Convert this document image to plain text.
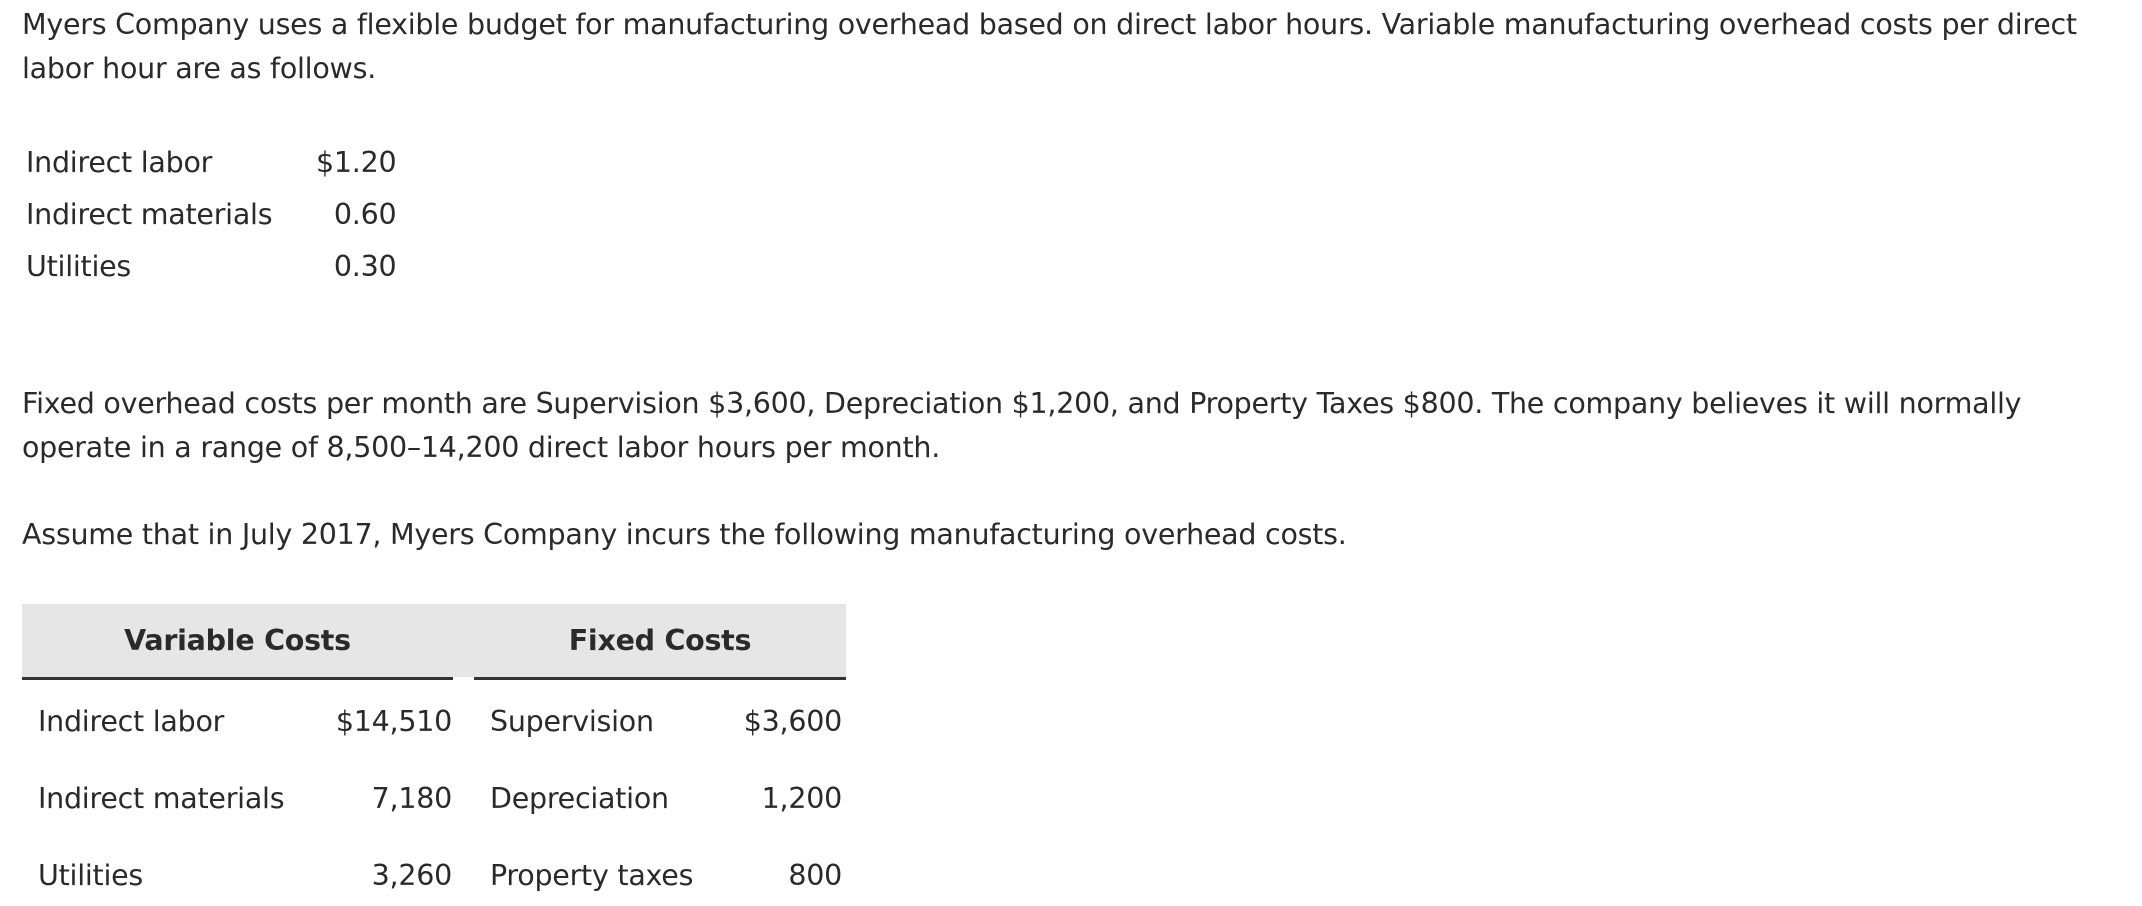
Myers Company uses a flexible budget for manufacturing overhead based on direct labor hours. Variable manufacturing overhead costs per direct labor hour are as follows.

Indirect labor	$1.20
Indirect materials	0.60
Utilities	0.30

Fixed overhead costs per month are Supervision $3,600, Depreciation $1,200, and Property Taxes $800. The company believes it will normally operate in a range of 8,500–14,200 direct labor hours per month.

Assume that in July 2017, Myers Company incurs the following manufacturing overhead costs.

Variable Costs	Fixed Costs
Indirect labor	$14,510 Supervision	$3,600
Indirect materials	7,180 Depreciation	1,200
Utilities	3,260 Property taxes	800
